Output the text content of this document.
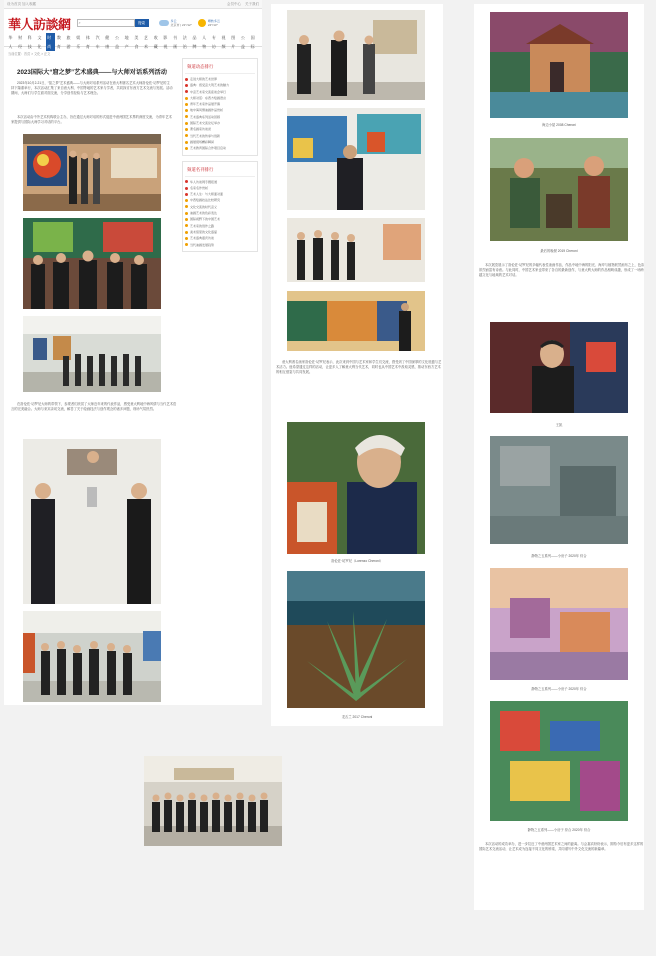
设为首页 加入收藏	会员中心 关于我们
華人訪談網 ⌕	搜索	多云
北京市 | 21°/12°
晴转多云
24°/13°
华人
财经
科技
文化
时尚
教育
旅游
娱乐
体育
汽车
健康
公益
地产
美食
艺术
收藏
影视
书画
法治
品牌
人物
专访
视频
图片
公益
国际
当前位置：首页 > 文化 > 正文
2023国际大“窟之梦”艺术盛典——与大师对话系列活动
2023年10月2-21日，“窟之梦”艺术盛典——与大师对话系列活动在意大利著名艺术大师洛伦佐·切罗尼的主持下隆重举行，本次活动汇集了来自意大利、中国等地的艺术家与学者，共同探讨东西方艺术交流与发展。活动期间，大师们与学生面对面交流，分享创作经验与艺术理念。
本次活动由中外艺术机构联合主办，旨在通过大师对话的形式促进中意两国艺术界的深度交流，为青年艺术家提供与国际大师学习对话的平台。
在洛伦佐·切罗尼大师的带领下，参观者们欣赏了大师近年来的代表作品，感受意大利地中海风情与当代艺术语言的完美融合。大师与来宾亲切交流，解答了关于绘画技法与创作观念的诸多问题，现场气氛热烈。
频道动态排行
走进大师的艺术世界
盛典：感受意大利艺术的魅力
中意艺术家交流座谈会举行
大师对话：东西方绘画语言
青年艺术家作品展开幕
地中海风情油画作品赏析
艺术盛典系列活动回顾
国际艺术交流论坛举办
著名画家访谈录
当代艺术的传承与创新
画展现场精彩瞬间
艺术教育国际合作项目启动
频道名刊排行
华人访谈网专题报道
名家名作赏析
艺术人生：与大师面对面
中西绘画技法比较研究
文化交流的时代意义
油画艺术的色彩表达
国际视野下的中国艺术
艺术家的创作之路
美术馆里的文化盛宴
艺术盛典嘉宾访谈
当代油画发展趋势
意大利著名画家洛伦佐·切罗尼表示，此次来到中国与艺术家和学生们交流，感受到了中国深厚的文化底蕴与艺术活力。他希望通过这样的活动，让更多人了解意大利当代艺术，同时也从中国艺术中汲取灵感，推动东西方艺术的相互借鉴与共同发展。
洛伦佐·切罗尼（Lorenzo Cheroni）
龙舌兰 2017 Cheroni
海边小屋 2008 Cheroni
最后的晚餐 2019 Cheroni
本次展览展示了洛伦佐·切罗尼的多幅代表性油画作品，作品中地中海的阳光、海岸与植物跃然画布之上，色彩浓烈而富有诗意。与此同时，中国艺术家也带来了各自的最新创作，与意大利大师的作品相映成趣，形成了一场跨越文化与地域的艺术对话。
王凯
静物之五系列——小房子 2020年 综合
静物之五系列——小房子 2020年 综合
静物之五系列——小房子 综合 2020年 综合
本次活动的成功举办，进一步拉近了中意两国艺术家之间的距离。与会嘉宾纷纷表示，期待今后有更多这样的国际艺术交流活动，让艺术成为连接不同文化的桥梁，共同谱写中外文化交流的新篇章。
